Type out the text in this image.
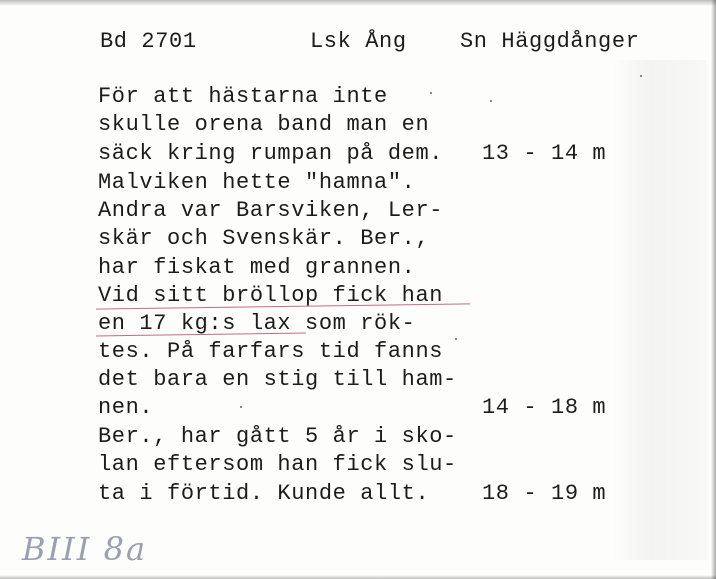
Bd 2701	Lsk Ång Sn Häggdånger
För att hästarna inte
skulle orena band man en
säck kring rumpan på dem.
Malviken hette "hamna".
Andra var Barsviken, Ler-
skär och Svenskär. Ber.,
har fiskat med grannen.
Vid sitt bröllop fick han
en 17 kg:s lax som rök-
tes. På farfars tid fanns
det bara en stig till ham-
nen.
Ber., har gått 5 år i sko-
lan eftersom han fick slu-
ta i förtid. Kunde allt.
13 - 14 m
14 - 18 m
18 - 19 m
BIII 8a
